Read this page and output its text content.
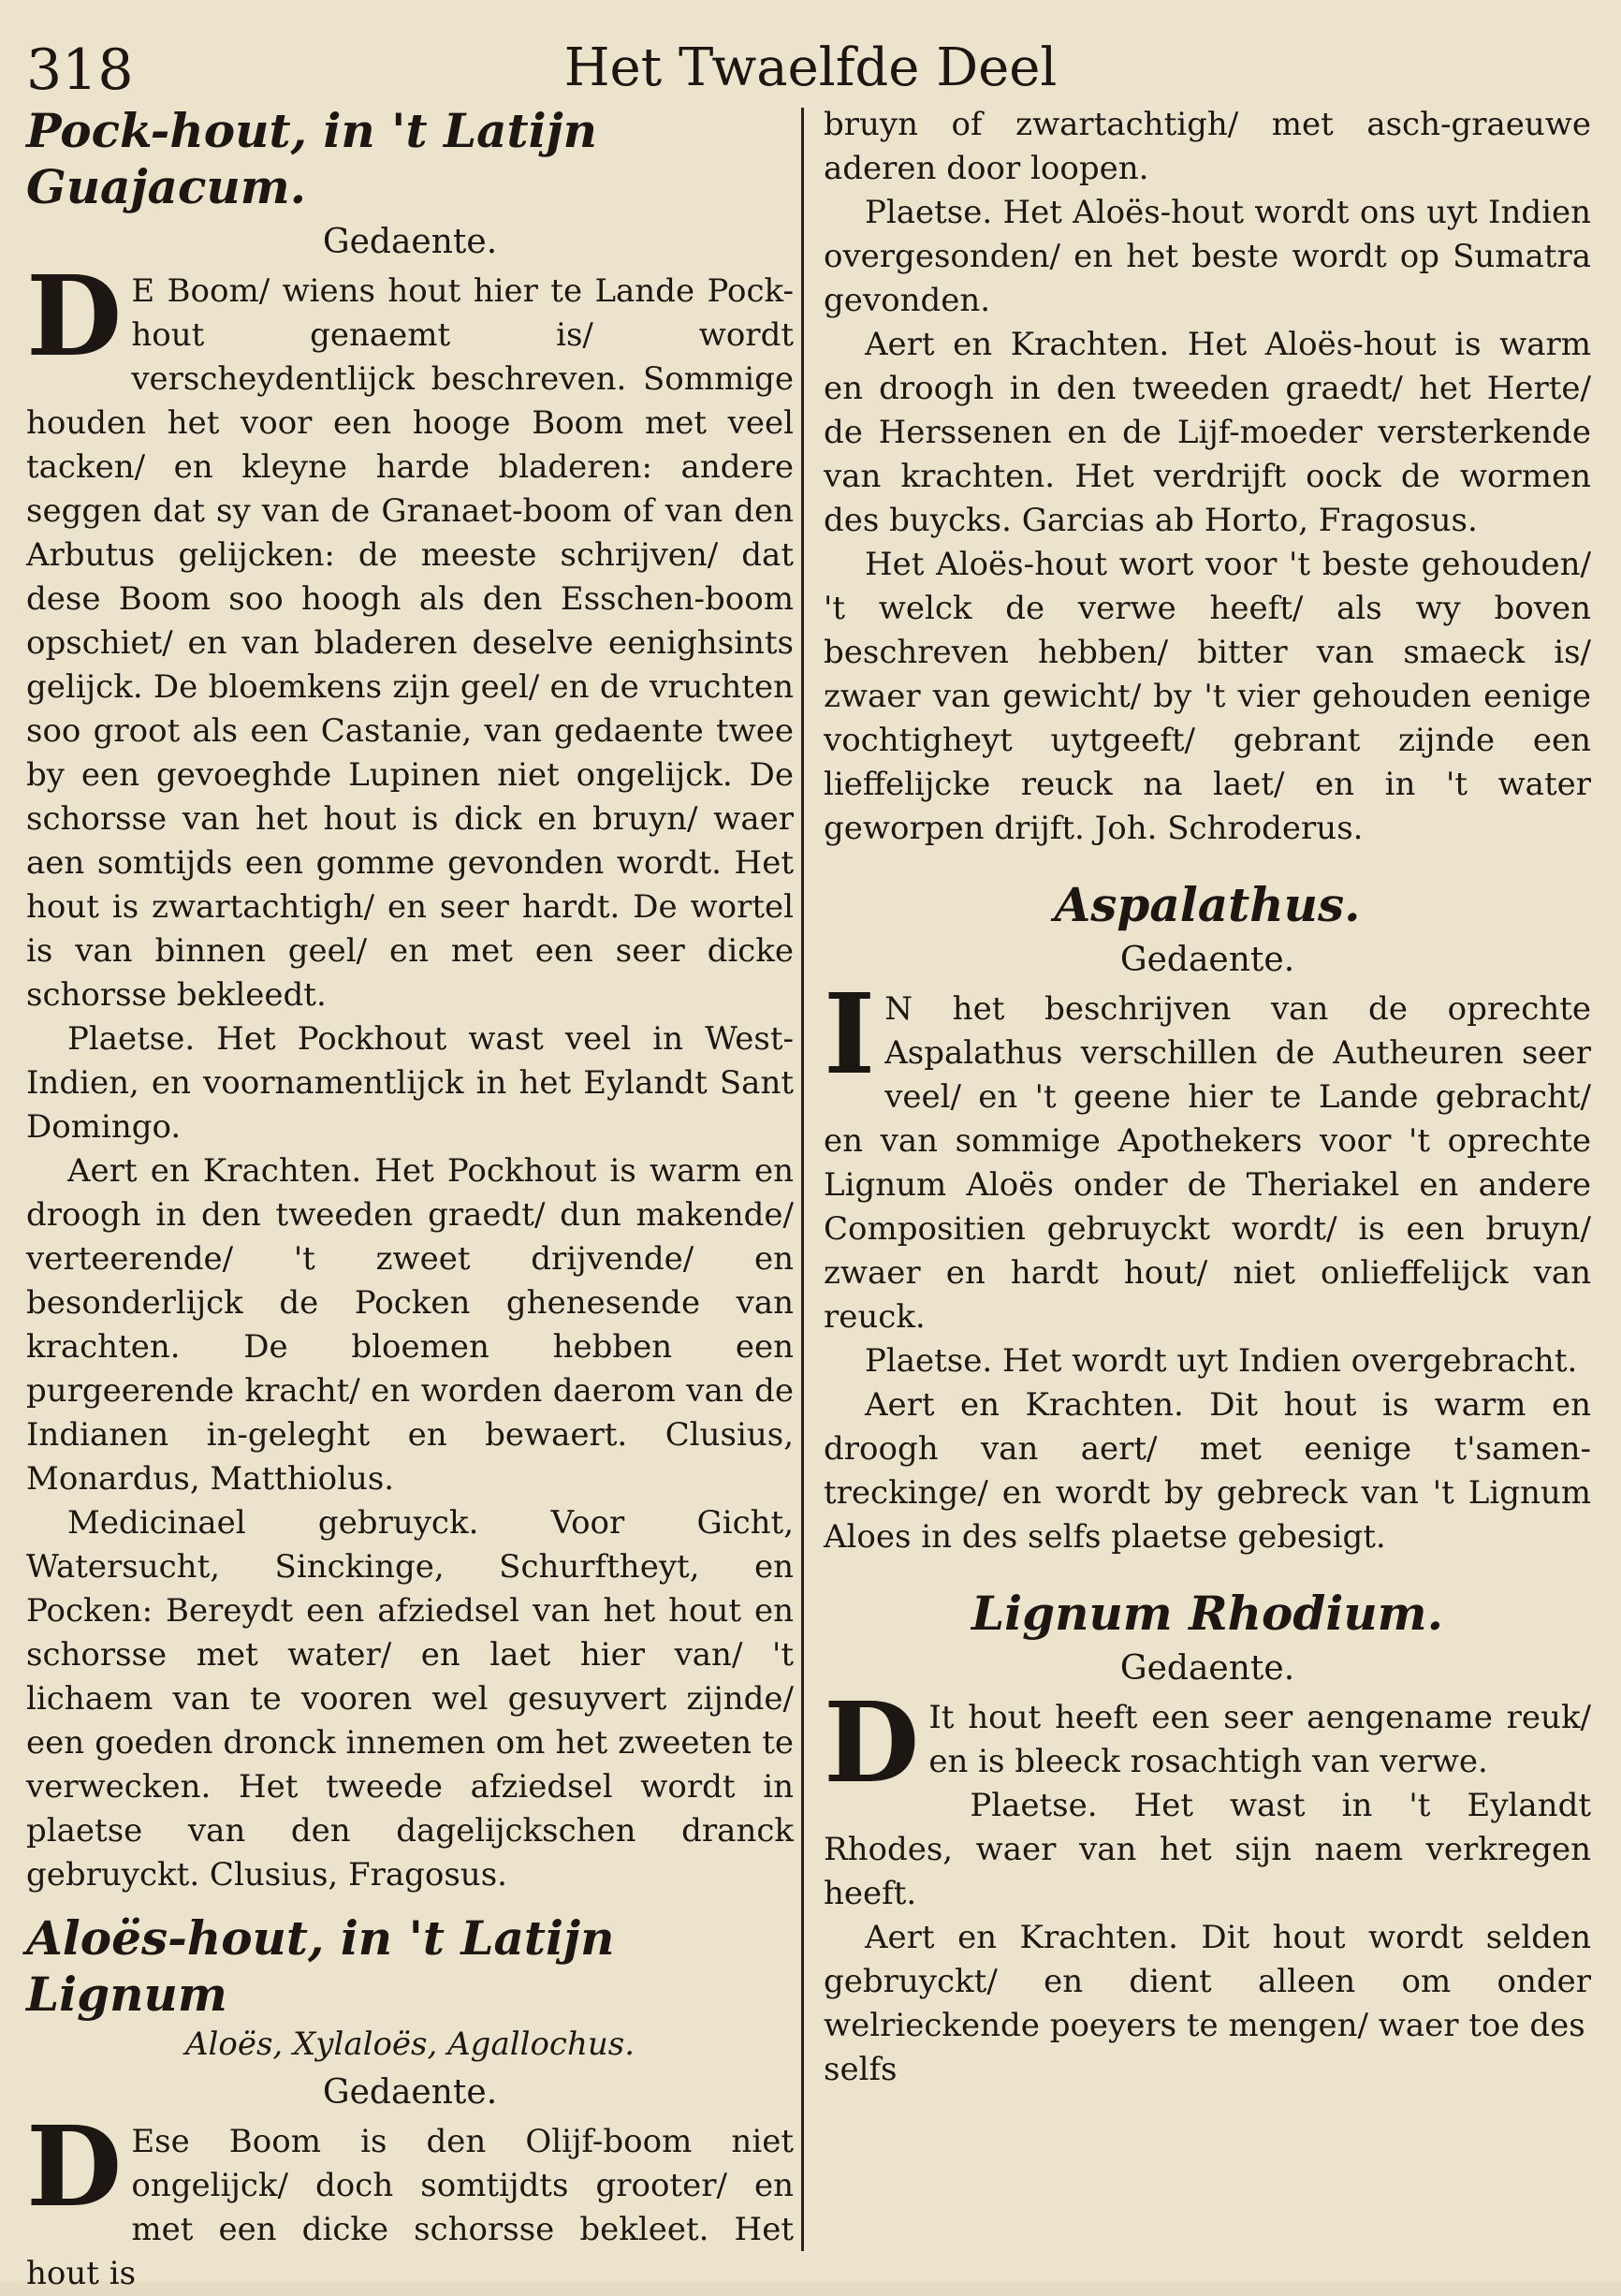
318	Het Twaelfde Deel
Pock-hout, in 't Latijn Guajacum.
Gedaente.

D E Boom/ wiens hout hier te Lande Pock-hout genaemt is/ wordt verscheydentlijck beschreven. Sommige houden het voor een hooge Boom met veel tacken/ en kleyne harde bladeren: andere seggen dat sy van de Granaet-boom of van den Arbutus gelijcken: de meeste schrijven/ dat dese Boom soo hoogh als den Esschen-boom opschiet/ en van bladeren deselve eenighsints gelijck. De bloemkens zijn geel/ en de vruchten soo groot als een Castanie, van gedaente twee by een gevoeghde Lupinen niet ongelijck. De schorsse van het hout is dick en bruyn/ waer aen somtijds een gomme gevonden wordt. Het hout is zwartachtigh/ en seer hardt. De wortel is van binnen geel/ en met een seer dicke schorsse bekleedt.

Plaetse. Het Pockhout wast veel in West-Indien, en voornamentlijck in het Eylandt Sant Domingo.

Aert en Krachten. Het Pockhout is warm en droogh in den tweeden graedt/ dun makende/ verteerende/ 't zweet drijvende/ en besonderlijck de Pocken ghenesende van krachten. De bloemen hebben een purgeerende kracht/ en worden daerom van de Indianen in-geleght en bewaert. Clusius, Monardus, Matthiolus.

Medicinael gebruyck. Voor Gicht, Watersucht, Sinckinge, Schurftheyt, en Pocken: Bereydt een afziedsel van het hout en schorsse met water/ en laet hier van/ 't lichaem van te vooren wel gesuyvert zijnde/ een goeden dronck innemen om het zweeten te verwecken. Het tweede afziedsel wordt in plaetse van den dagelijckschen dranck gebruyckt. Clusius, Fragosus.

Aloës-hout, in 't Latijn Lignum
Aloës, Xylaloës, Agallochus.
Gedaente.

D Ese Boom is den Olijf-boom niet ongelijck/ doch somtijdts grooter/ en met een dicke schorsse bekleet. Het hout is

bruyn of zwartachtigh/ met asch-graeuwe aderen door loopen.

Plaetse. Het Aloës-hout wordt ons uyt Indien overgesonden/ en het beste wordt op Sumatra gevonden.

Aert en Krachten. Het Aloës-hout is warm en droogh in den tweeden graedt/ het Herte/ de Herssenen en de Lijf-moeder versterkende van krachten. Het verdrijft oock de wormen des buycks. Garcias ab Horto, Fragosus.

Het Aloës-hout wort voor 't beste gehouden/ 't welck de verwe heeft/ als wy boven beschreven hebben/ bitter van smaeck is/ zwaer van gewicht/ by 't vier gehouden eenige vochtigheyt uytgeeft/ gebrant zijnde een lieffelijcke reuck na laet/ en in 't water geworpen drijft. Joh. Schroderus.

Aspalathus.
Gedaente.

I N het beschrijven van de oprechte Aspalathus verschillen de Autheuren seer veel/ en 't geene hier te Lande gebracht/ en van sommige Apothekers voor 't oprechte Lignum Aloës onder de Theriakel en andere Compositien gebruyckt wordt/ is een bruyn/ zwaer en hardt hout/ niet onlieffelijck van reuck.

Plaetse. Het wordt uyt Indien overgebracht.

Aert en Krachten. Dit hout is warm en droogh van aert/ met eenige t'samen-treckinge/ en wordt by gebreck van 't Lignum Aloes in des selfs plaetse gebesigt.

Lignum Rhodium.
Gedaente.

D It hout heeft een seer aengename reuk/ en is bleeck rosachtigh van verwe.

Plaetse. Het wast in 't Eylandt Rhodes, waer van het sijn naem verkregen heeft.

Aert en Krachten. Dit hout wordt selden gebruyckt/ en dient alleen om onder welrieckende poeyers te mengen/ waer toe des

selfs
